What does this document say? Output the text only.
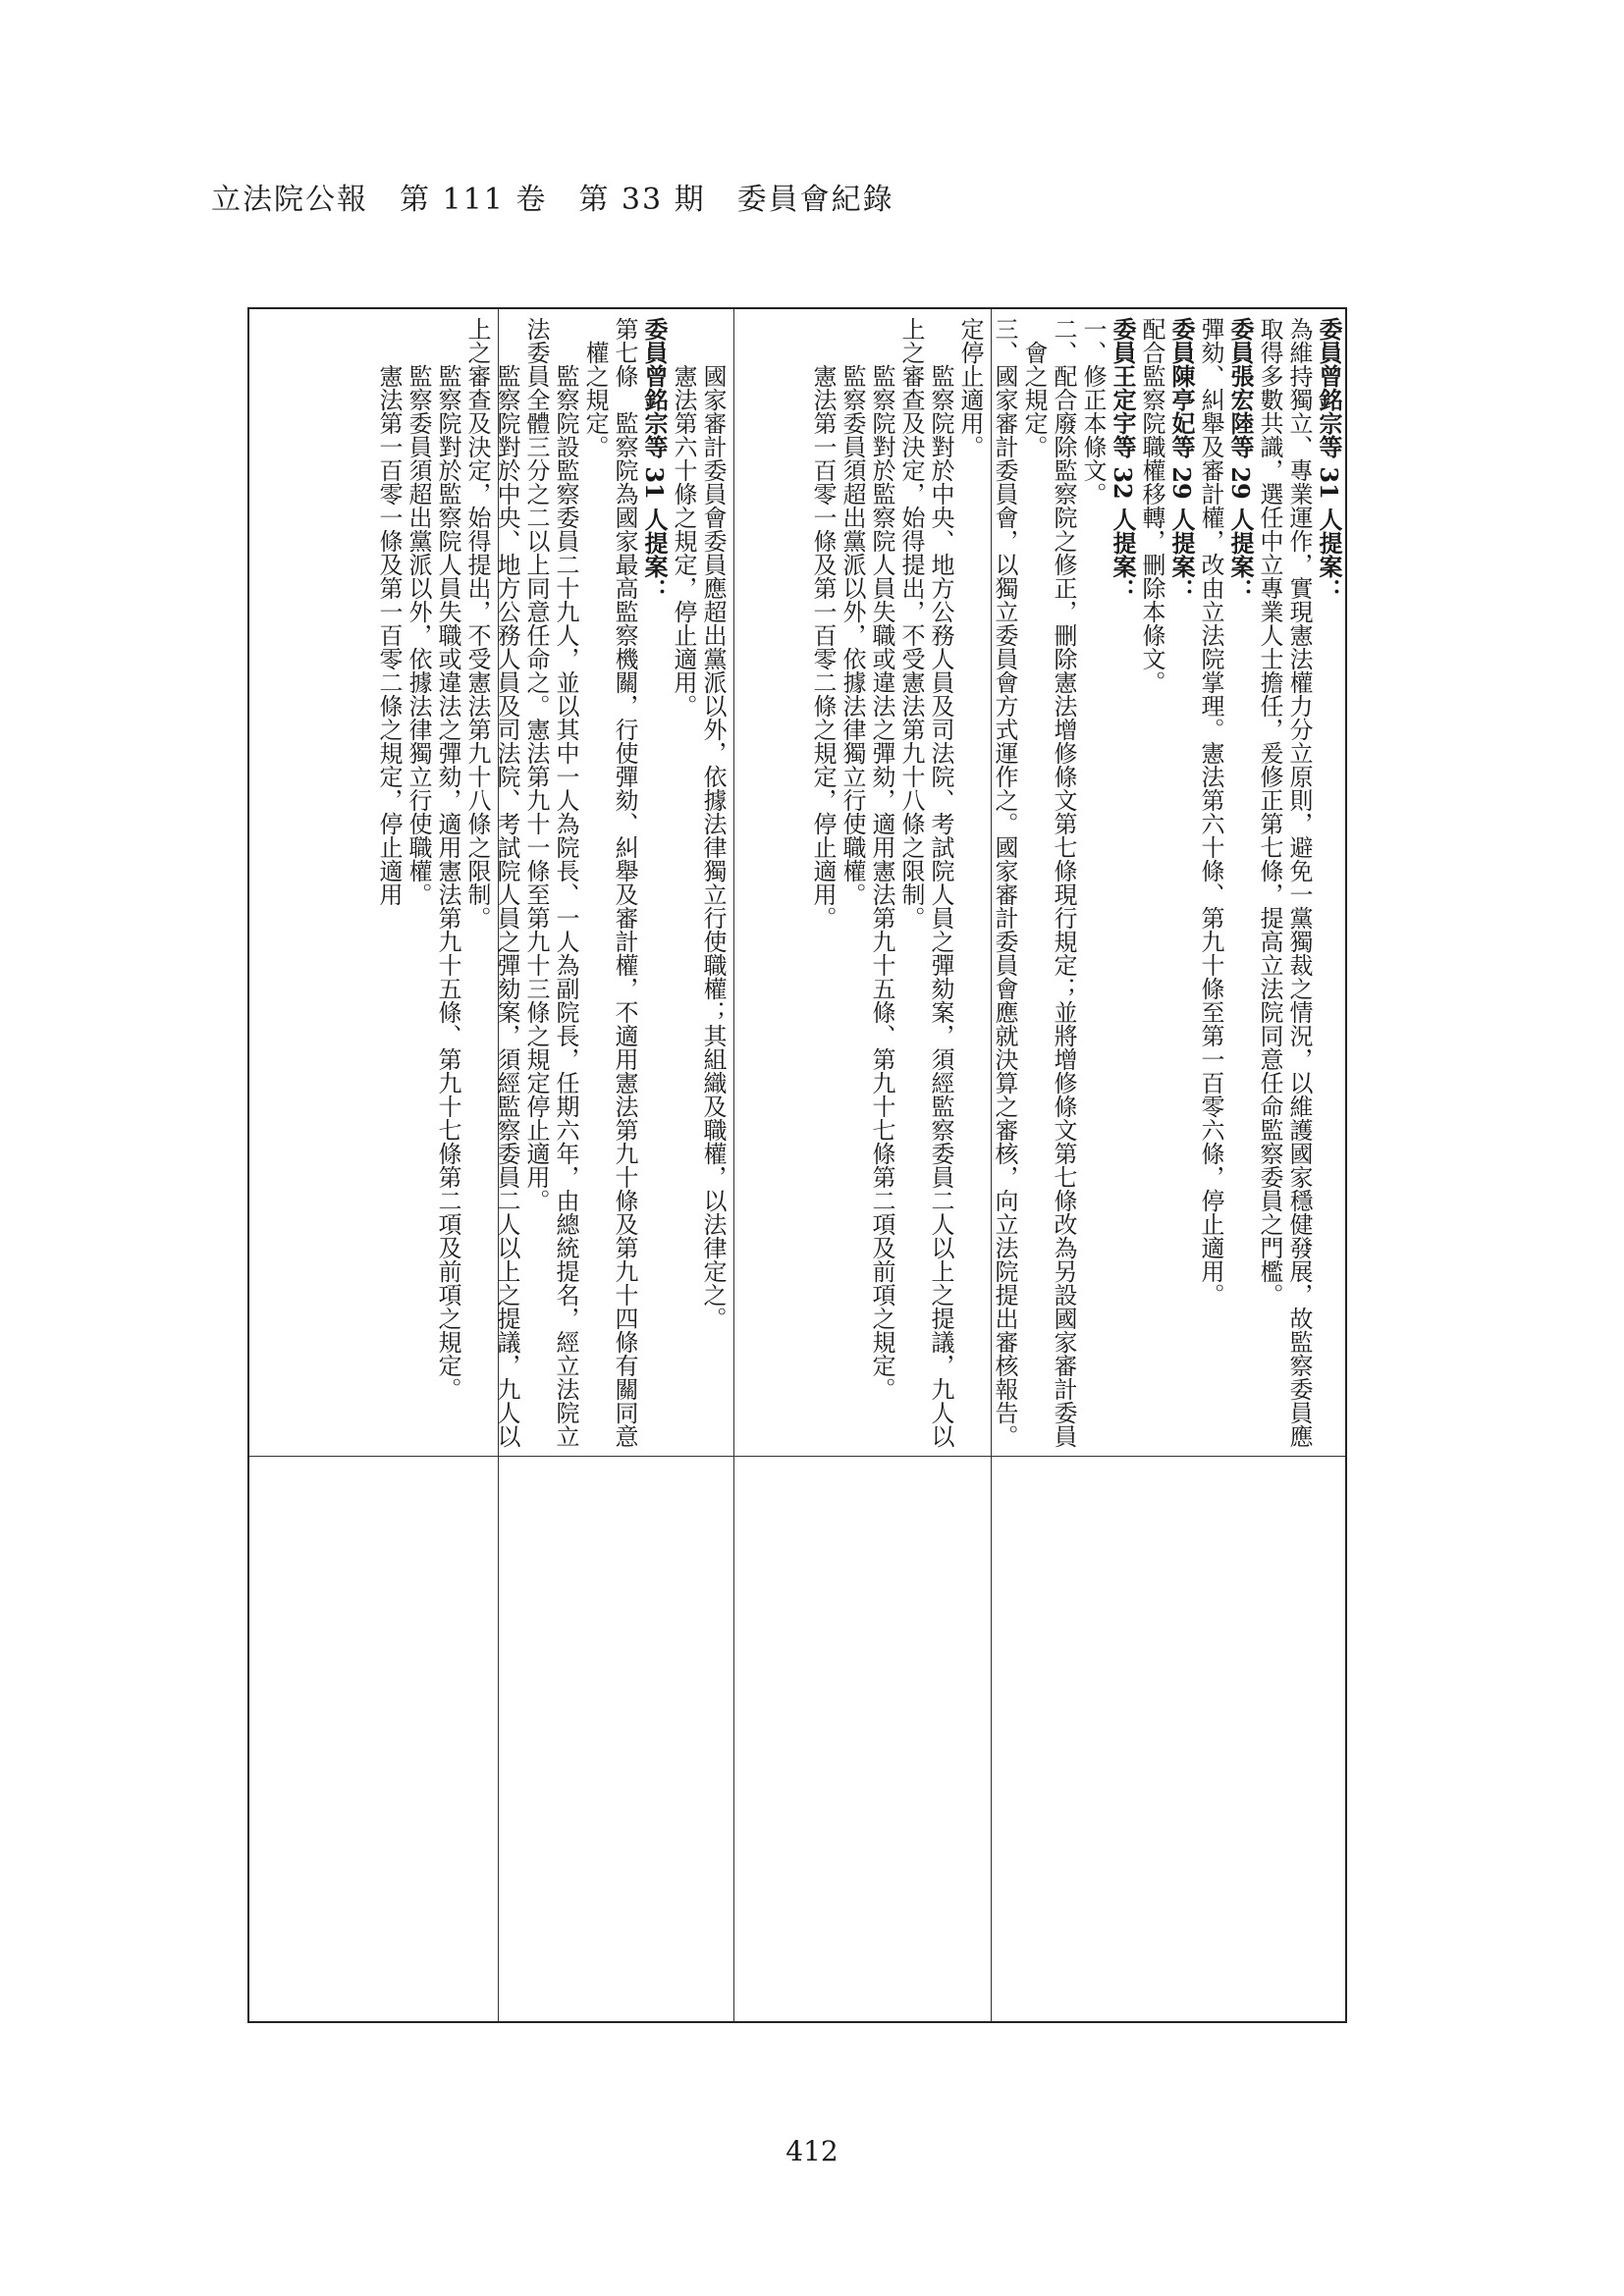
立法院公報　第 111 卷　第 33 期　委員會紀錄

委員曾銘宗等 31 人提案：

為維持獨立、專業運作，實現憲法權力分立原則，避免一黨獨裁之情況，以維護國家穩健發展，故監察委員應取得多數共識，選任中立專業人士擔任，爰修正第七條，提高立法院同意任命監察委員之門檻。

委員張宏陸等 29 人提案：

彈劾、糾舉及審計權，改由立法院掌理。憲法第六十條、第九十條至第一百零六條，停止適用。

委員陳亭妃等 29 人提案：

配合監察院職權移轉，刪除本條文。

委員王定宇等 32 人提案：

一、修正本條文。

二、配合廢除監察院之修正，刪除憲法增修條文第七條現行規定；並將增修條文第七條改為另設國家審計委員會之規定。

三、國家審計委員會，以獨立委員會方式運作之。國家審計委員會應就決算之審核，向立法院提出審核報告。

定停止適用。

監察院對於中央、地方公務人員及司法院、考試院人員之彈劾案，須經監察委員二人以上之提議，九人以上之審查及決定，始得提出，不受憲法第九十八條之限制。

監察院對於監察院人員失職或違法之彈劾，適用憲法第九十五條、第九十七條第二項及前項之規定。

監察委員須超出黨派以外，依據法律獨立行使職權。

憲法第一百零一條及第一百零二條之規定，停止適用。

國家審計委員會委員應超出黨派以外，依據法律獨立行使職權；其組織及職權，以法律定之。

憲法第六十條之規定，停止適用。

委員曾銘宗等 31 人提案：

第七條　監察院為國家最高監察機關，行使彈劾、糾舉及審計權，不適用憲法第九十條及第九十四條有關同意權之規定。

監察院設監察委員二十九人，並以其中一人為院長、一人為副院長，任期六年，由總統提名，經立法院立法委員全體三分之二以上同意任命之。憲法第九十一條至第九十三條之規定停止適用。

監察院對於中央、地方公務人員及司法院、考試院人員之彈劾案，須經監察委員二人以上之提議，九人以上之審查及決定，始得提出，不受憲法第九十八條之限制。

監察院對於監察院人員失職或違法之彈劾，適用憲法第九十五條、第九十七條第二項及前項之規定。

監察委員須超出黨派以外，依據法律獨立行使職權。

憲法第一百零一條及第一百零二條之規定，停止適用

412
